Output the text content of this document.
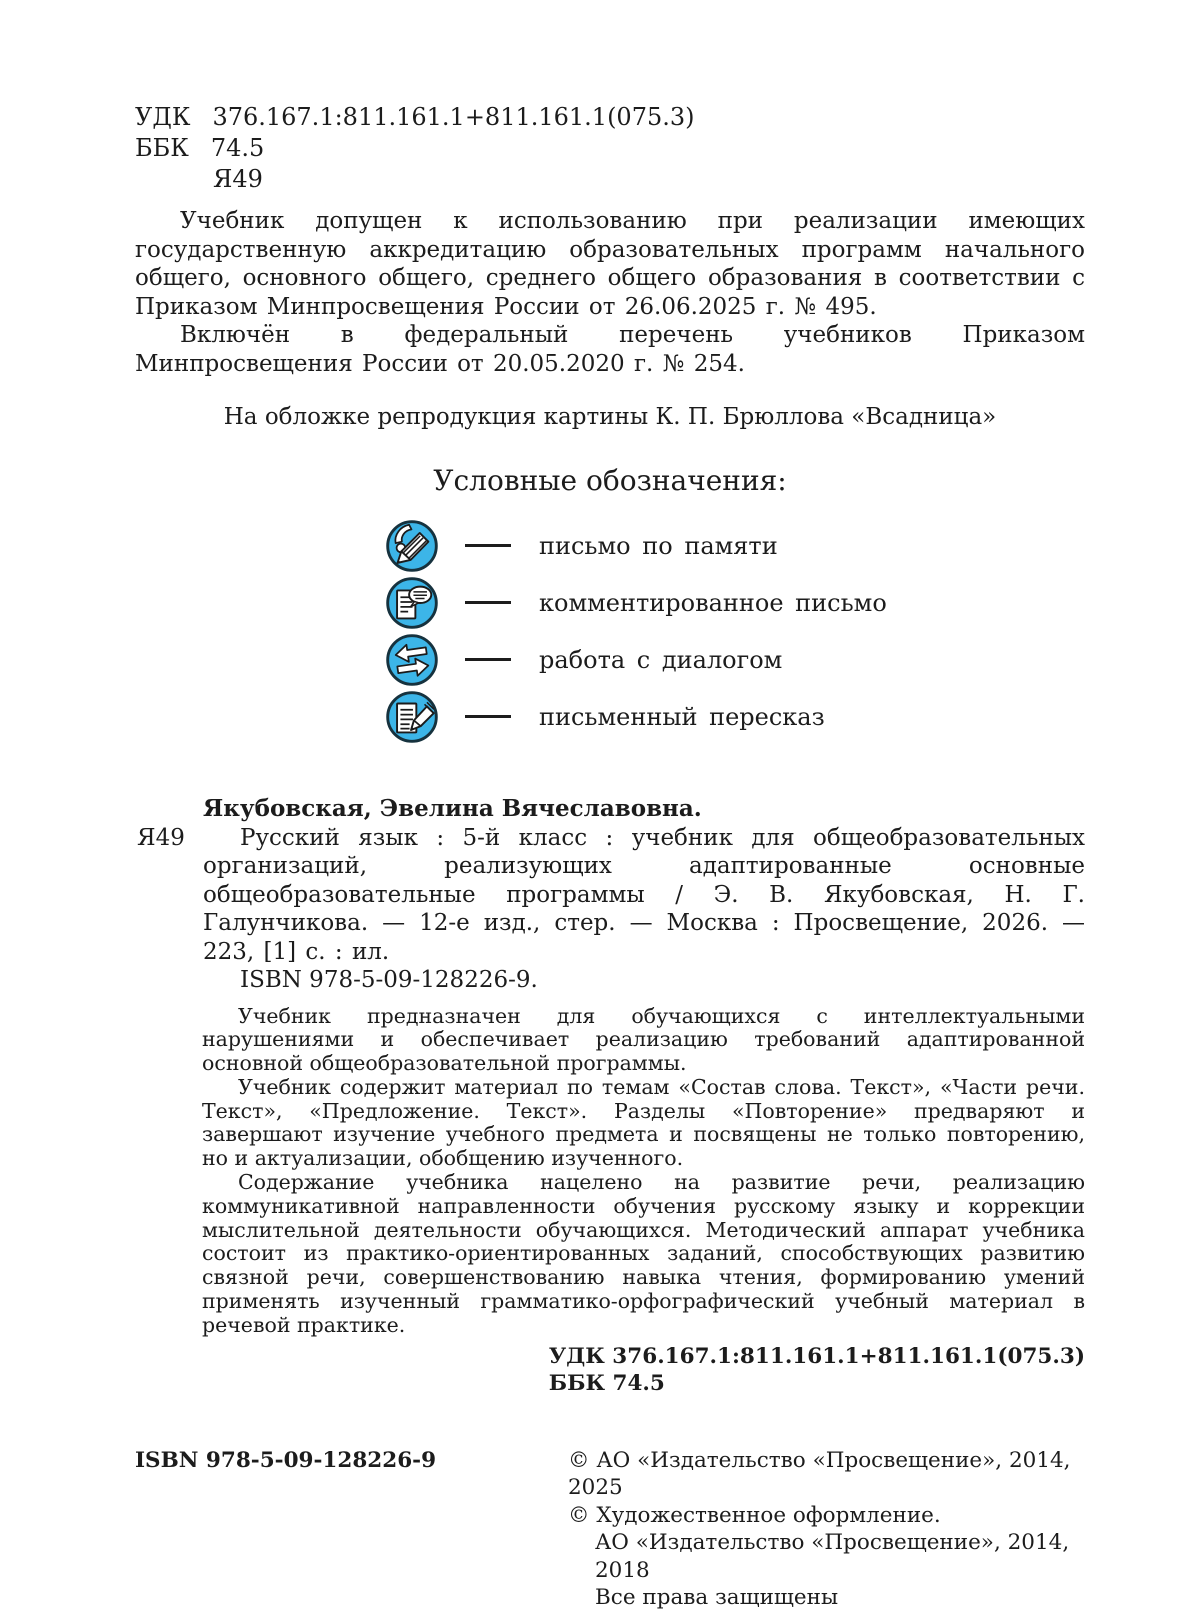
УДК 376.167.1:811.161.1+811.161.1(075.3)
ББК 74.5
Я49

Учебник допущен к использованию при реализации имеющих государственную аккредитацию образовательных программ начального общего, основного общего, среднего общего образования в соответствии с Приказом Минпросвещения России от 26.06.2025 г. № 495.

Включён в федеральный перечень учебников Приказом Минпросвещения России от 20.05.2020 г. № 254.

На обложке репродукция картины К. П. Брюллова «Всадница»

Условные обозначения:
письмо по памяти
комментированное письмо
работа с диалогом
письменный пересказ
Я49

Якубовская, Эвелина Вячеславовна.

Русский язык : 5-й класс : учебник для общеобразовательных организаций, реализующих адаптированные основные общеобразовательные программы / Э. В. Якубовская, Н. Г. Галунчикова. — 12-е изд., стер. — Москва : Просвещение, 2026. — 223, [1] с. : ил.

ISBN 978-5-09-128226-9.

Учебник предназначен для обучающихся с интеллектуальными нарушениями и обеспечивает реализацию требований адаптированной основной общеобразовательной программы.

Учебник содержит материал по темам «Состав слова. Текст», «Части речи. Текст», «Предложение. Текст». Разделы «Повторение» предваряют и завершают изучение учебного предмета и посвящены не только повторению, но и актуализации, обобщению изученного.

Содержание учебника нацелено на развитие речи, реализацию коммуникативной направленности обучения русскому языку и коррекции мыслительной деятельности обучающихся. Методический аппарат учебника состоит из практико-ориентированных заданий, способствующих развитию связной речи, совершенствованию навыка чтения, формированию умений применять изученный грамматико-орфографический учебный материал в речевой практике.

УДК 376.167.1:811.161.1+811.161.1(075.3)
ББК 74.5
ISBN 978-5-09-128226-9	© АО «Издательство «Просвещение», 2014, 2025
© Художественное оформление.
АО «Издательство «Просвещение», 2014, 2018
Все права защищены
